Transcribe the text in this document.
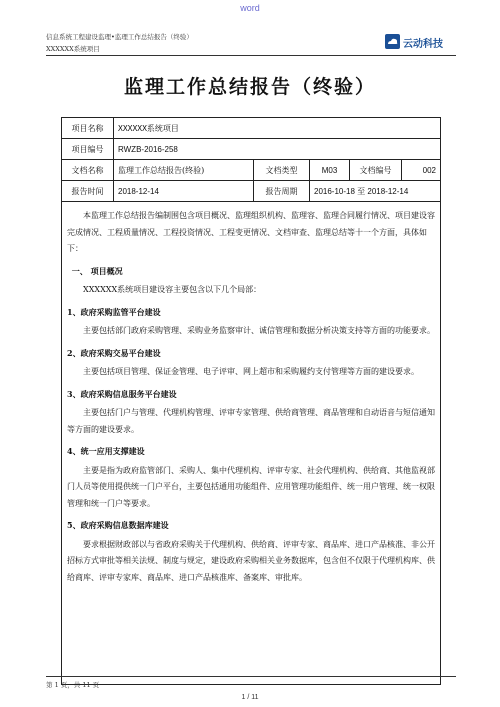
word
信息系统工程建设监理•监理工作总结报告（终验）
XXXXXX系统项目	云动科技
监理工作总结报告（终验）
项目名称	XXXXXX系统项目
项目编号	RWZB-2016-258
文档名称	监理工作总结报告(终验)	文档类型	M03	文档编号	002
报告时间	2018-12-14	报告周期	2016-10-18 至 2018-12-14

本监理工作总结报告编制围包含项目概况、监理组织机构、监理容、监理合同履行情况、项目建设容完成情况、工程质量情况、工程投资情况、工程变更情况、文档审查、监理总结等十一个方面，具体如下：

一、 项目概况

XXXXXX系统项目建设容主要包含以下几个局部：

1、政府采购监管平台建设

主要包括部门政府采购管理、采购业务监察审计、诚信管理和数据分析决策支持等方面的功能要求。

2、政府采购交易平台建设

主要包括项目管理、保证金管理、电子评审、网上超市和采购履约支付管理等方面的建设要求。

3、政府采购信息服务平台建设

主要包括门户与管理、代理机构管理、评审专家管理、供给商管理、商品管理和自动语音与短信通知等方面的建设要求。

4、统一应用支撑建设

主要是指为政府监管部门、采购人、集中代理机构、评审专家、社会代理机构、供给商、其他监视部门人员等使用提供统一门户平台，主要包括通用功能组件、应用管理功能组件、统一用户管理、统一权限管理和统一门户等要求。

5、政府采购信息数据库建设

要求根据财政部以与省政府采购关于代理机构、供给商、评审专家、商品库、进口产品核准、非公开招标方式审批等相关法规、制度与规定，建设政府采购相关业务数据库，包含但不仅限于代理机构库、供给商库、评审专家库、商品库、进口产品核准库、备案库、审批库。

第 1 页，共 11 页
1 / 11
